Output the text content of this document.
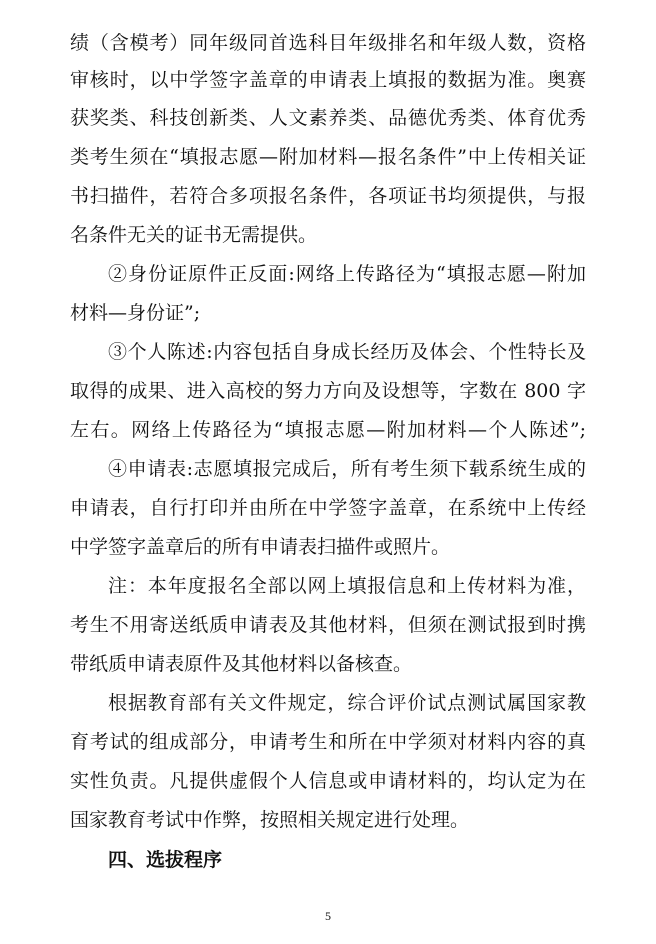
绩（含模考）同年级同首选科目年级排名和年级人数，资格
审核时，以中学签字盖章的申请表上填报的数据为准。奥赛
获奖类、科技创新类、人文素养类、品德优秀类、体育优秀
类考生须在“填报志愿—附加材料—报名条件”中上传相关证
书扫描件，若符合多项报名条件，各项证书均须提供，与报
名条件无关的证书无需提供。
②身份证原件正反面:网络上传路径为“填报志愿—附加
材料—身份证”;
③个人陈述:内容包括自身成长经历及体会、个性特长及
取得的成果、进入高校的努力方向及设想等，字数在 800 字
左右。网络上传路径为“填报志愿—附加材料—个人陈述”;
④申请表:志愿填报完成后，所有考生须下载系统生成的
申请表，自行打印并由所在中学签字盖章，在系统中上传经
中学签字盖章后的所有申请表扫描件或照片。
注：本年度报名全部以网上填报信息和上传材料为准，
考生不用寄送纸质申请表及其他材料，但须在测试报到时携
带纸质申请表原件及其他材料以备核查。
根据教育部有关文件规定，综合评价试点测试属国家教
育考试的组成部分，申请考生和所在中学须对材料内容的真
实性负责。凡提供虚假个人信息或申请材料的，均认定为在
国家教育考试中作弊，按照相关规定进行处理。
四、选拔程序
5
